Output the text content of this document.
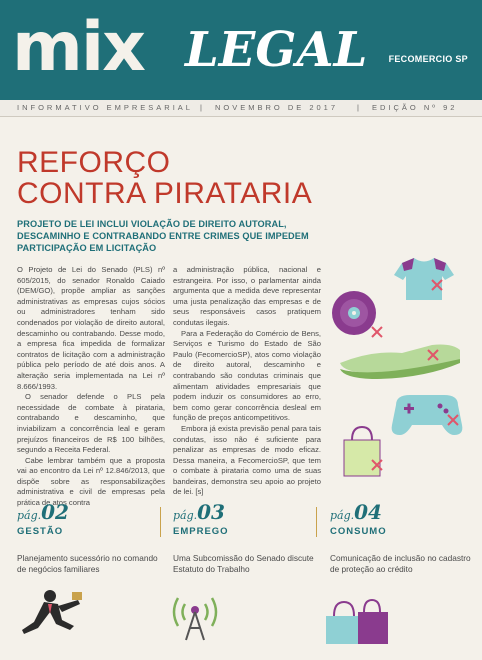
mix LEGAL FECOMERCIO SP
INFORMATIVO EMPRESARIAL | NOVEMBRO DE 2017	| EDIÇÃO Nº 92
REFORÇO
CONTRA PIRATARIA
PROJETO DE LEI INCLUI VIOLAÇÃO DE DIREITO AUTORAL, DESCAMINHO E CONTRABANDO ENTRE CRIMES QUE IMPEDEM PARTICIPAÇÃO EM LICITAÇÃO

O Projeto de Lei do Senado (PLS) nº 605/2015, do senador Ronaldo Caiado (DEM/GO), propõe ampliar as sanções administrativas as empresas cujos sócios ou administradores tenham sido condenados por violação de direito autoral, descaminho ou contrabando. Desse modo, a empresa fica impedida de formalizar contratos de licitação com a administração pública pelo período de até dois anos. A alteração seria implementada na Lei nº 8.666/1993.

O senador defende o PLS pela necessidade de combate à pirataria, contrabando e descaminho, que inviabilizam a concorrência leal e geram prejuízos financeiros de R$ 100 bilhões, segundo a Receita Federal.

Cabe lembrar também que a proposta vai ao encontro da Lei nº 12.846/2013, que dispõe sobre as responsabilizações administrativa e civil de empresas pela prática de atos contra

a administração pública, nacional e estrangeira. Por isso, o parlamentar ainda argumenta que a medida deve representar uma justa penalização das empresas e de seus responsáveis casos pratiquem condutas ilegais.

Para a Federação do Comércio de Bens, Serviços e Turismo do Estado de São Paulo (FecomercioSP), atos como violação de direito autoral, descaminho e contrabando são condutas criminais que alimentam atividades empresariais que podem induzir os consumidores ao erro, bem como gerar concorrência desleal em função de preços anticompetitivos.

Embora já exista previsão penal para tais condutas, isso não é suficiente para penalizar as empresas de modo eficaz. Dessa maneira, a FecomercioSP, que tem o combate à pirataria como uma de suas bandeiras, demonstra seu apoio ao projeto de lei. [s]

pág.02
GESTÃO
Planejamento sucessório no comando de negócios familiares
pág.03
EMPREGO
Uma Subcomissão do Senado discute Estatuto do Trabalho
pág.04
CONSUMO
Comunicação de inclusão no cadastro de proteção ao crédito
